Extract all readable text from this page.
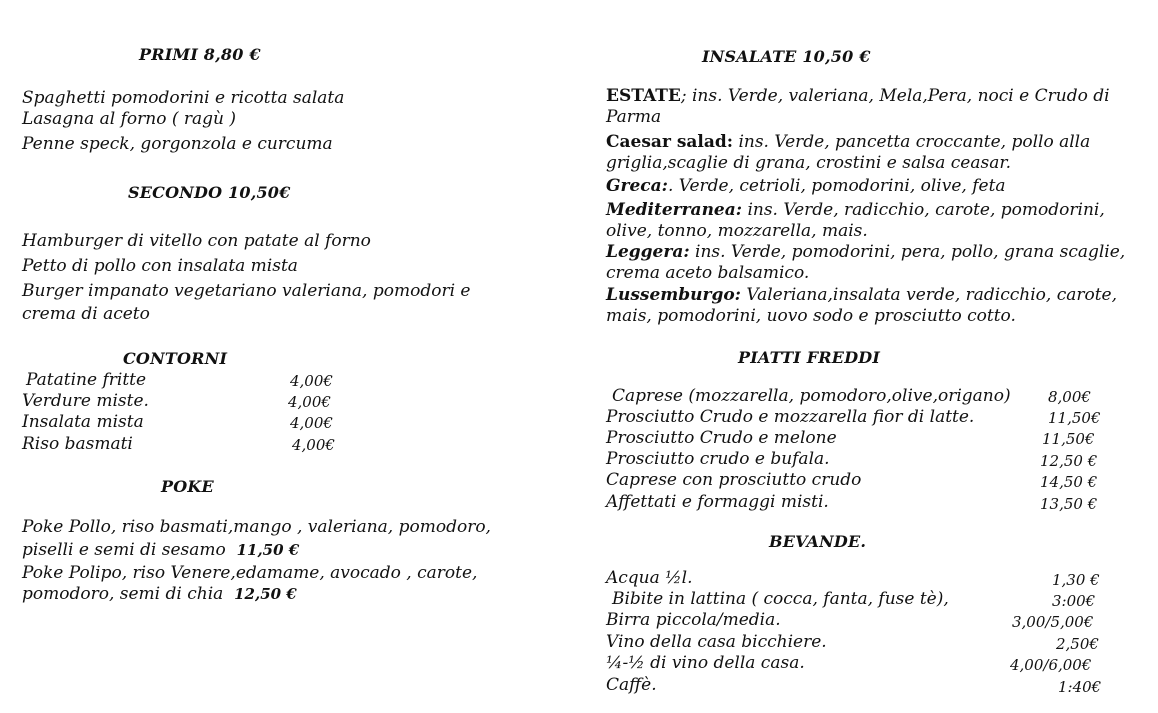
PRIMI 8,80 €
Spaghetti pomodorini e ricotta salata
Lasagna al forno ( ragù )
Penne speck, gorgonzola e curcuma
SECONDO 10,50€
Hamburger di vitello con patate al forno
Petto di pollo con insalata mista
Burger impanato vegetariano valeriana, pomodori e
crema di aceto
CONTORNI
Patatine fritte	4,00€
Verdure miste.	4,00€
Insalata mista	4,00€
Riso basmati	4,00€
POKE
Poke Pollo, riso basmati,mango , valeriana, pomodoro,
piselli e semi di sesamo 11,50 €
Poke Polipo, riso Venere,edamame, avocado , carote,
pomodoro, semi di chia 12,50 €
INSALATE 10,50 €
ESTATE; ins. Verde, valeriana, Mela,Pera, noci e Crudo di Parma
Caesar salad: ins. Verde, pancetta croccante, pollo alla griglia,scaglie di grana, crostini e salsa ceasar.
Greca:. Verde, cetrioli, pomodorini, olive, feta
Mediterranea: ins. Verde, radicchio, carote, pomodorini, olive, tonno, mozzarella, mais.
Leggera: ins. Verde, pomodorini, pera, pollo, grana scaglie, crema aceto balsamico.
Lussemburgo: Valeriana,insalata verde, radicchio, carote, mais, pomodorini, uovo sodo e prosciutto cotto.
PIATTI FREDDI
Caprese (mozzarella, pomodoro,olive,origano) 8,00€
Prosciutto Crudo e mozzarella fior di latte.	11,50€
Prosciutto Crudo e melone	11,50€
Prosciutto crudo e bufala.	12,50 €
Caprese con prosciutto crudo	14,50 €
Affettati e formaggi misti.	13,50 €
BEVANDE.
Acqua ½l.	1,30 €
Bibite in lattina ( cocca, fanta, fuse tè),	3:00€
Birra piccola/media.	3,00/5,00€
Vino della casa bicchiere.	2,50€
¼-½ di vino della casa.	4,00/6,00€
Caffè.	1:40€
